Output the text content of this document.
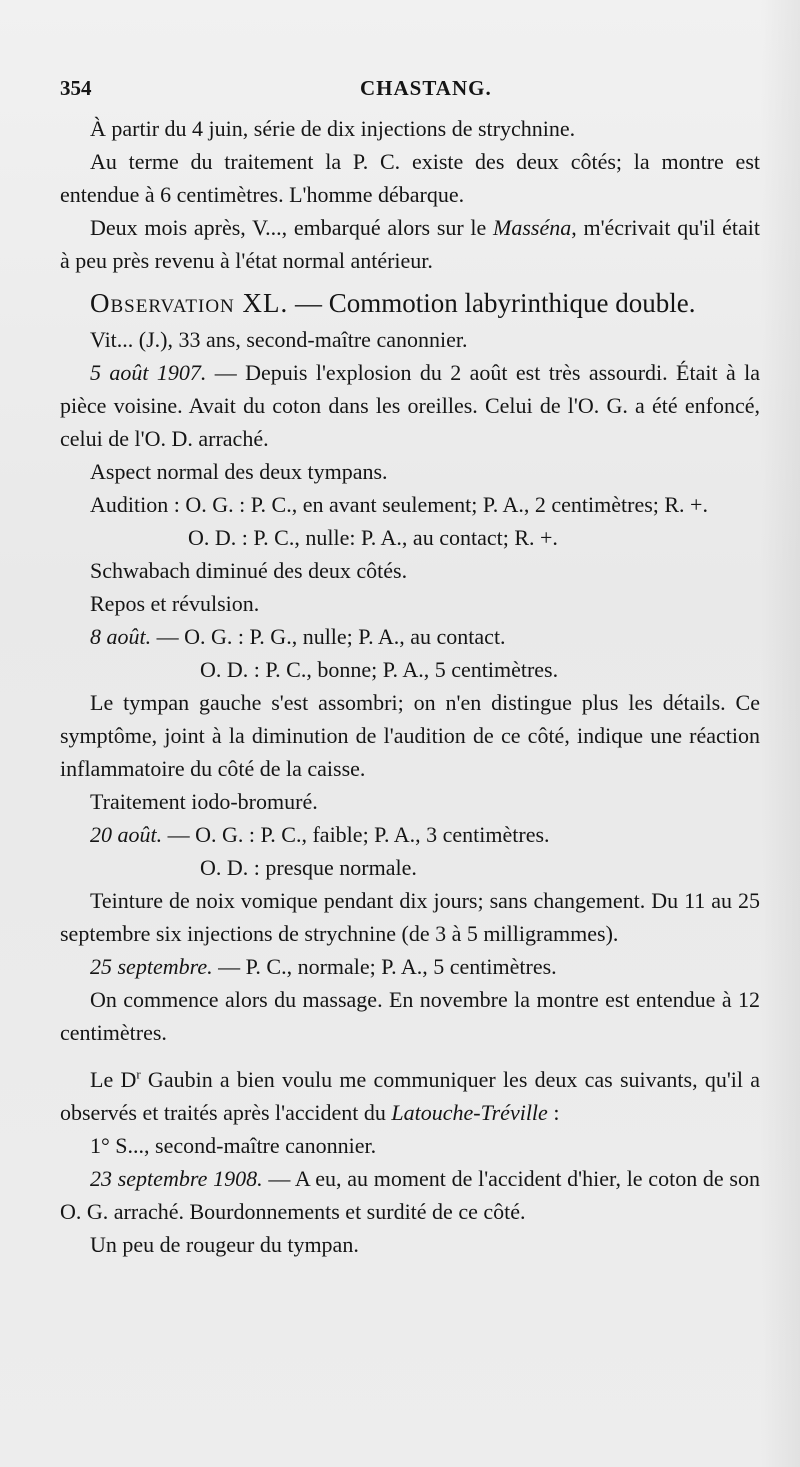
354	CHASTANG.

À partir du 4 juin, série de dix injections de strychnine.

Au terme du traitement la P. C. existe des deux côtés; la montre est entendue à 6 centimètres. L'homme débarque.

Deux mois après, V..., embarqué alors sur le Masséna, m'écrivait qu'il était à peu près revenu à l'état normal antérieur.

Observation XL. — Commotion labyrinthique double.

Vit... (J.), 33 ans, second-maître canonnier.

5 août 1907. — Depuis l'explosion du 2 août est très assourdi. Était à la pièce voisine. Avait du coton dans les oreilles. Celui de l'O. G. a été enfoncé, celui de l'O. D. arraché.

Aspect normal des deux tympans.

Audition : O. G. : P. C., en avant seulement; P. A., 2 centimètres; R. +.

O. D. : P. C., nulle: P. A., au contact; R. +.

Schwabach diminué des deux côtés.

Repos et révulsion.

8 août. — O. G. : P. G., nulle; P. A., au contact.

O. D. : P. C., bonne; P. A., 5 centimètres.

Le tympan gauche s'est assombri; on n'en distingue plus les détails. Ce symptôme, joint à la diminution de l'audition de ce côté, indique une réaction inflammatoire du côté de la caisse.

Traitement iodo-bromuré.

20 août. — O. G. : P. C., faible; P. A., 3 centimètres.

O. D. : presque normale.

Teinture de noix vomique pendant dix jours; sans changement. Du 11 au 25 septembre six injections de strychnine (de 3 à 5 milligrammes).

25 septembre. — P. C., normale; P. A., 5 centimètres.

On commence alors du massage. En novembre la montre est entendue à 12 centimètres.

Le $D^r$ Gaubin a bien voulu me communiquer les deux cas suivants, qu'il a observés et traités après l'accident du Latouche-Tréville :

1° S..., second-maître canonnier.

23 septembre 1908. — A eu, au moment de l'accident d'hier, le coton de son O. G. arraché. Bourdonnements et surdité de ce côté.

Un peu de rougeur du tympan.
